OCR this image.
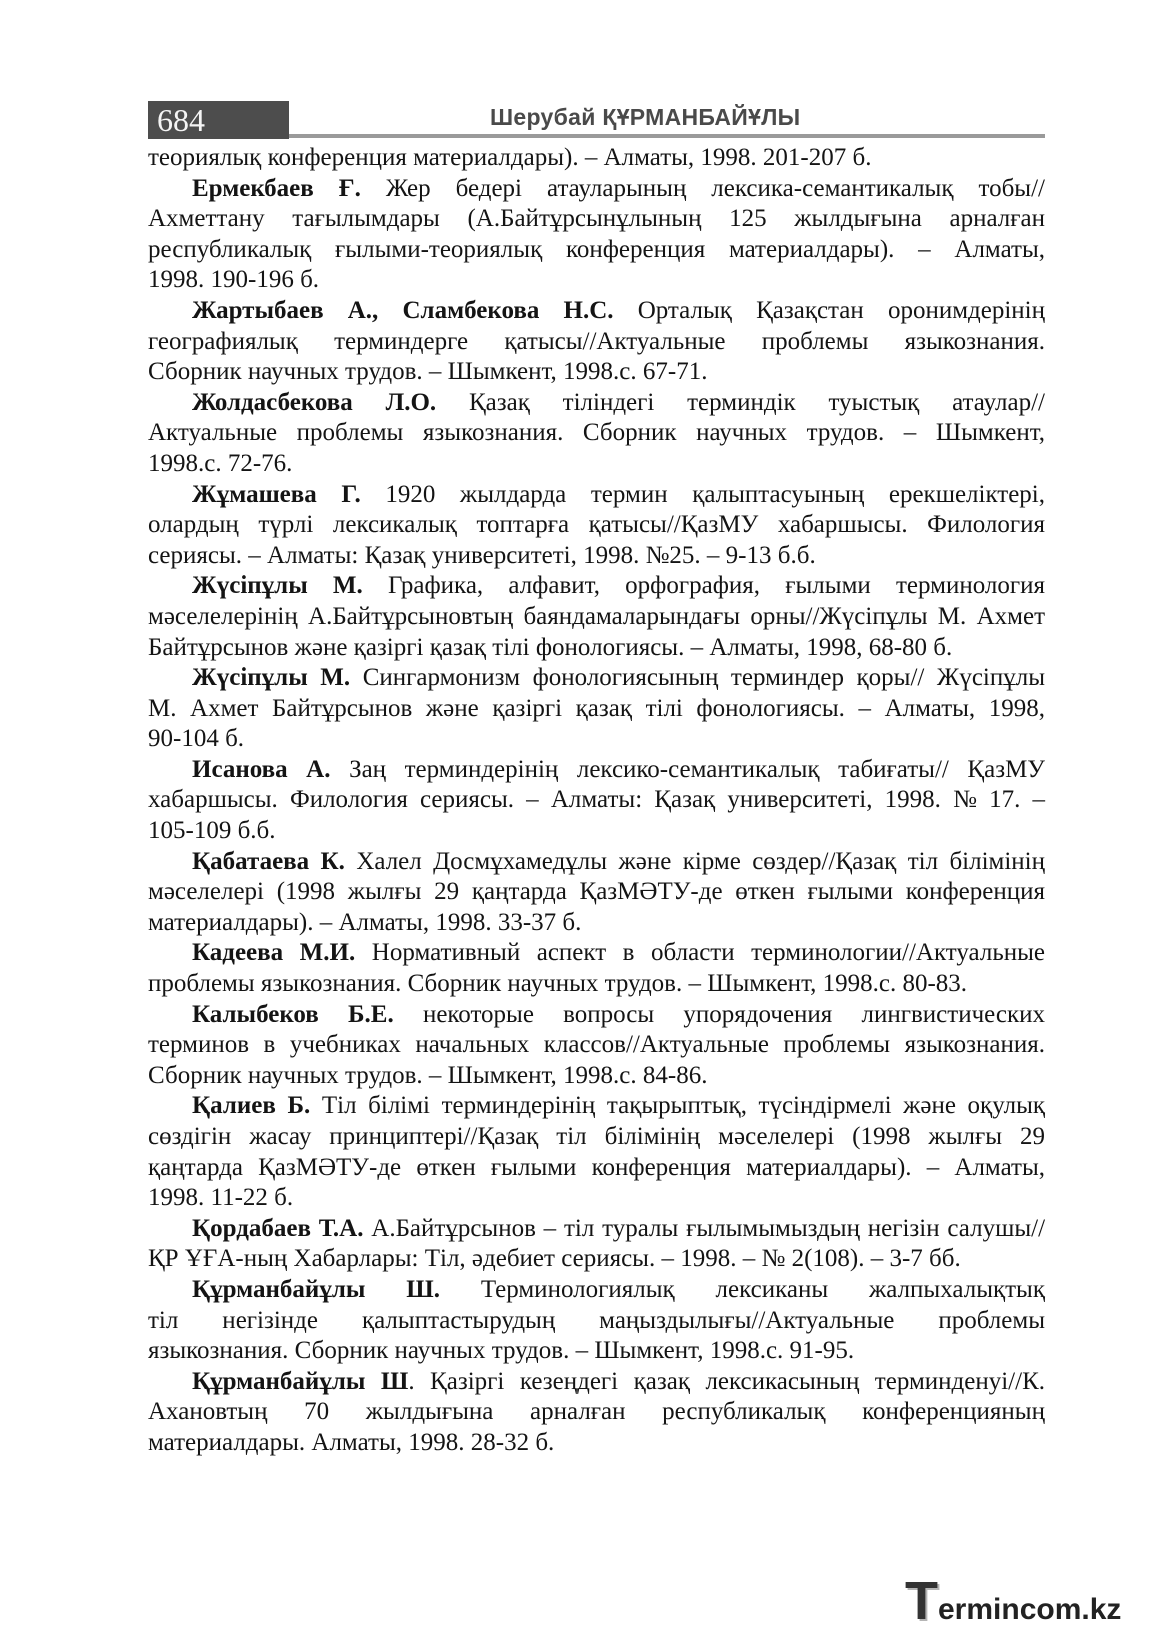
684	Шерубай ҚҰРМАНБАЙҰЛЫ
теориялық конференция материалдары). – Алматы, 1998. 201-207 б.
Ермекбаев Ғ. Жер бедері атауларының лексика-семантикалық тобы//
Ахметтану тағылымдары (А.Байтұрсынұлының 125 жылдығына арналған
республикалық ғылыми-теориялық конференция материалдары). – Алматы,
1998. 190-196 б.
Жартыбаев А., Сламбекова Н.С. Орталық Қазақстан оронимдерінің
географиялық терминдерге қатысы//Актуальные проблемы языкознания.
Сборник научных трудов. – Шымкент, 1998.с. 67-71.
Жолдасбекова Л.О. Қазақ тіліндегі терминдік туыстық атаулар//
Актуальные проблемы языкознания. Сборник научных трудов. – Шымкент,
1998.с. 72-76.
Жұмашева Г. 1920 жылдарда термин қалыптасуының ерекшеліктері,
олардың түрлі лексикалық топтарға қатысы//ҚазМУ хабаршысы. Филология
сериясы. – Алматы: Қазақ университеті, 1998. №25. – 9-13 б.б.
Жүсіпұлы М. Графика, алфавит, орфография, ғылыми терминология
мәселелерінің А.Байтұрсыновтың баяндамаларындағы орны//Жүсіпұлы М. Ахмет
Байтұрсынов және қазіргі қазақ тілі фонологиясы. – Алматы, 1998, 68-80 б.
Жүсіпұлы М. Сингармонизм фонологиясының терминдер қоры// Жүсіпұлы
М. Ахмет Байтұрсынов және қазіргі қазақ тілі фонологиясы. – Алматы, 1998,
90-104 б.
Исанова А. Заң терминдерінің лексико-семантикалық табиғаты// ҚазМУ
хабаршысы. Филология сериясы. – Алматы: Қазақ университеті, 1998. № 17. –
105-109 б.б.
Қабатаева К. Халел Досмұхамедұлы және кірме сөздер//Қазақ тіл білімінің
мәселелері (1998 жылғы 29 қаңтарда ҚазМӘТУ-де өткен ғылыми конференция
материалдары). – Алматы, 1998. 33-37 б.
Кадеева М.И. Нормативный аспект в области терминологии//Актуальные
проблемы языкознания. Сборник научных трудов. – Шымкент, 1998.с. 80-83.
Калыбеков Б.Е. некоторые вопросы упорядочения лингвистических
терминов в учебниках начальных классов//Актуальные проблемы языкознания.
Сборник научных трудов. – Шымкент, 1998.с. 84-86.
Қалиев Б. Тіл білімі терминдерінің тақырыптық, түсіндірмелі және оқулық
сөздігін жасау принциптері//Қазақ тіл білімінің мәселелері (1998 жылғы 29
қаңтарда ҚазМӘТУ-де өткен ғылыми конференция материалдары). – Алматы,
1998. 11-22 б.
Қордабаев Т.А. А.Байтұрсынов – тіл туралы ғылымымыздың негізін салушы//
ҚР ҰҒА-ның Хабарлары: Тіл, әдебиет сериясы. – 1998. – № 2(108). – 3-7 бб.
Құрманбайұлы Ш. Терминологиялық лексиканы жалпыхалықтық
тіл негізінде қалыптастырудың маңыздылығы//Актуальные проблемы
языкознания. Сборник научных трудов. – Шымкент, 1998.с. 91-95.
Құрманбайұлы Ш. Қазіргі кезеңдегі қазақ лексикасының терминденуі//К.
Ахановтың 70 жылдығына арналған республикалық конференцияның
материалдары. Алматы, 1998. 28-32 б.
Termincom.kz
